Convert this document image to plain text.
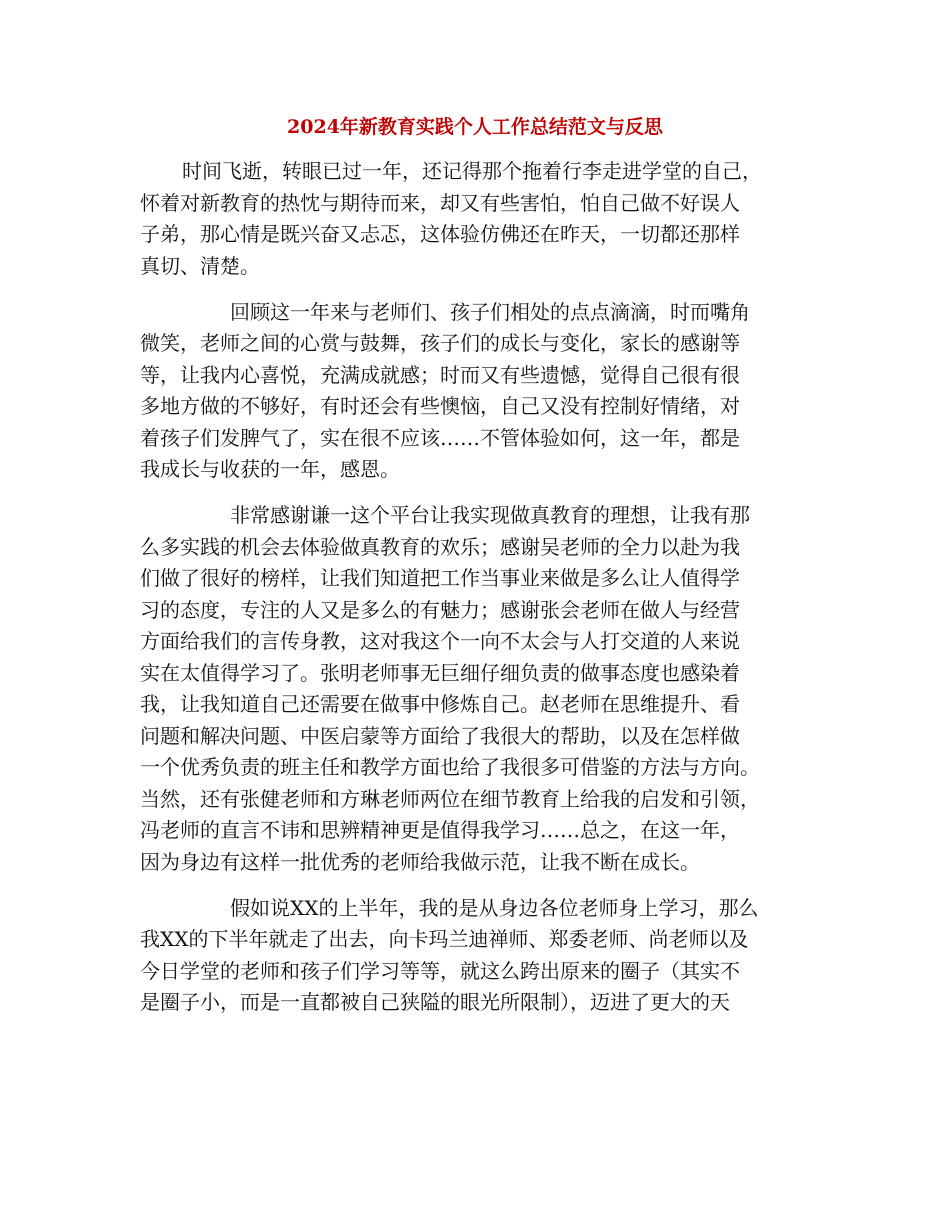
2024年新教育实践个人工作总结范文与反思
时间飞逝，转眼已过一年，还记得那个拖着行李走进学堂的自己，
怀着对新教育的热忱与期待而来，却又有些害怕，怕自己做不好误人
子弟，那心情是既兴奋又忐忑，这体验仿佛还在昨天，一切都还那样
真切、清楚。
回顾这一年来与老师们、孩子们相处的点点滴滴，时而嘴角
微笑，老师之间的心赏与鼓舞，孩子们的成长与变化，家长的感谢等
等，让我内心喜悦，充满成就感；时而又有些遗憾，觉得自己很有很
多地方做的不够好，有时还会有些懊恼，自己又没有控制好情绪，对
着孩子们发脾气了，实在很不应该……不管体验如何，这一年，都是
我成长与收获的一年，感恩。
非常感谢谦一这个平台让我实现做真教育的理想，让我有那
么多实践的机会去体验做真教育的欢乐；感谢吴老师的全力以赴为我
们做了很好的榜样，让我们知道把工作当事业来做是多么让人值得学
习的态度，专注的人又是多么的有魅力；感谢张会老师在做人与经营
方面给我们的言传身教，这对我这个一向不太会与人打交道的人来说
实在太值得学习了。张明老师事无巨细仔细负责的做事态度也感染着
我，让我知道自己还需要在做事中修炼自己。赵老师在思维提升、看
问题和解决问题、中医启蒙等方面给了我很大的帮助，以及在怎样做
一个优秀负责的班主任和教学方面也给了我很多可借鉴的方法与方向。
当然，还有张健老师和方琳老师两位在细节教育上给我的启发和引领，
冯老师的直言不讳和思辨精神更是值得我学习……总之，在这一年，
因为身边有这样一批优秀的老师给我做示范，让我不断在成长。
假如说XX的上半年，我的是从身边各位老师身上学习，那么
我XX的下半年就走了出去，向卡玛兰迪禅师、郑委老师、尚老师以及
今日学堂的老师和孩子们学习等等，就这么跨出原来的圈子（其实不
是圈子小，而是一直都被自己狭隘的眼光所限制），迈进了更大的天
